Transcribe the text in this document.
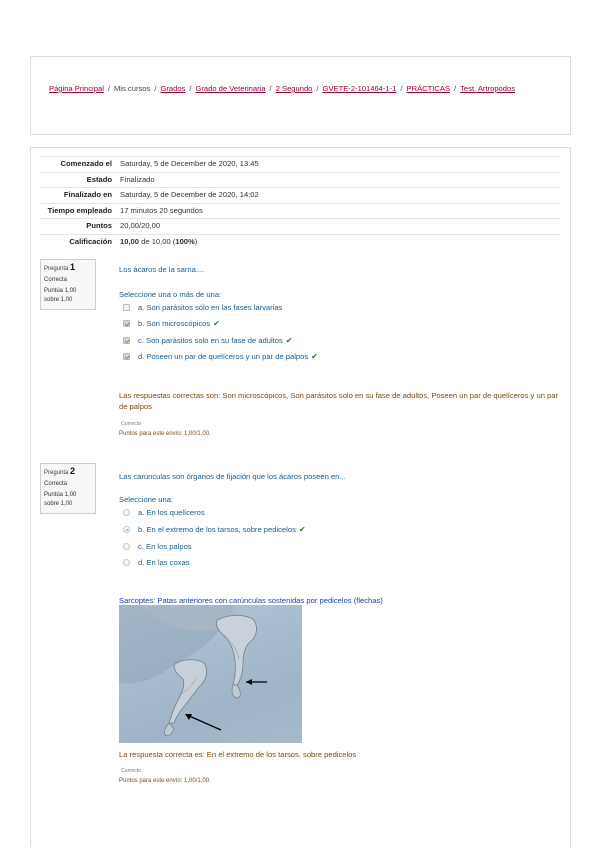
Página Principal / Mis cursos / Grados / Grado de Veterinaria / 2 Segundo / GVETE-2-101464-1-1 / PRÁCTICAS / Test. Artropodos
Comenzado el	Saturday, 5 de December de 2020, 13:45
Estado	Finalizado
Finalizado en	Saturday, 5 de December de 2020, 14:02
Tiempo empleado	17 minutos 20 segundos
Puntos	20,00/20,00
Calificación	10,00 de 10,00 (100%)
Pregunta 1
Correcta
Puntúa 1,00
sobre 1,00
Los ácaros de la sarna....
Seleccione una o más de una:
a. Son parásitos sólo en las fases larvarias
b. Son microscópicos ✔
c. Son parásitos solo en su fase de adultos ✔
d. Poseen un par de quelíceros y un par de palpos ✔
Las respuestas correctas son: Son microscópicos, Son parásitos solo en su fase de adultos, Poseen un par de quelíceros y un par de palpos
Correcta
Puntos para este envío: 1,00/1,00.
Pregunta 2
Correcta
Puntúa 1,00
sobre 1,00
Las carúnculas son órganos de fijación que los ácaros poseen en...
Seleccione una:
a. En los quelíceros
b. En el extremo de los tarsos, sobre pedicelos ✔
c. En los palpos
d. En las coxas
Sarcoptes: Patas anteriores con carúnculas sostenidas por pedicelos (flechas)
La respuesta correcta es: En el extremo de los tarsos, sobre pedicelos
Correcto
Puntos para este envío: 1,00/1,00.
